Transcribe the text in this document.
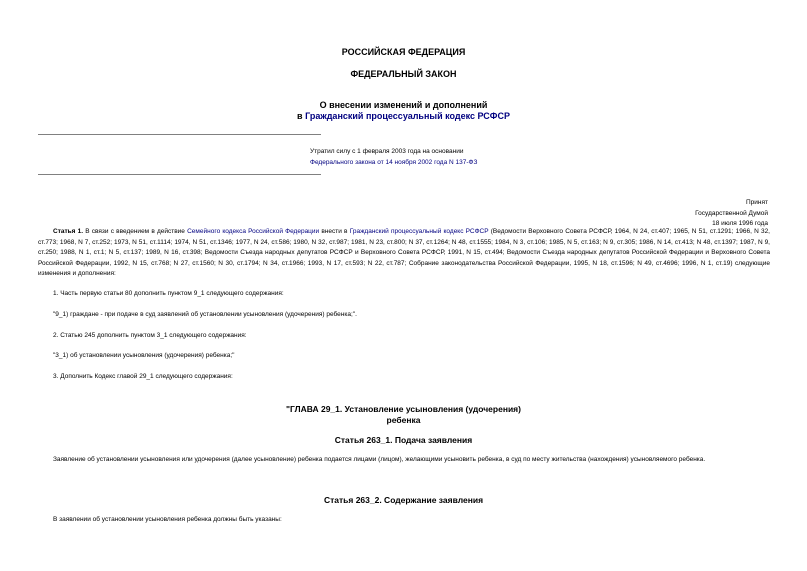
РОССИЙСКАЯ ФЕДЕРАЦИЯ
ФЕДЕРАЛЬНЫЙ ЗАКОН
О внесении изменений и дополнений
в Гражданский процессуальный кодекс РСФСР
Утратил силу с 1 февраля 2003 года на основании
Федерального закона от 14 ноября 2002 года N 137-ФЗ
Принят
Государственной Думой
18 июля 1996 года
Статья 1. В связи с введением в действие Семейного кодекса Российской Федерации внести в Гражданский процессуальный кодекс РСФСР (Ведомости Верховного Совета РСФСР, 1964, N 24, ст.407; 1965, N 51, ст.1291; 1966, N 32, ст.773; 1968, N 7, ст.252; 1973, N 51, ст.1114; 1974, N 51, ст.1346; 1977, N 24, ст.586; 1980, N 32, ст.987; 1981, N 23, ст.800; N 37, ст.1264; N 48, ст.1555; 1984, N 3, ст.106; 1985, N 5, ст.163; N 9, ст.305; 1986, N 14, ст.413; N 48, ст.1397; 1987, N 9, ст.250; 1988, N 1, ст.1; N 5, ст.137; 1989, N 16, ст.398; Ведомости Съезда народных депутатов РСФСР и Верховного Совета РСФСР, 1991, N 15, ст.494; Ведомости Съезда народных депутатов Российской Федерации и Верховного Совета Российской Федерации, 1992, N 15, ст.768; N 27, ст.1560; N 30, ст.1794; N 34, ст.1966; 1993, N 17, ст.593; N 22, ст.787; Собрание законодательства Российской Федерации, 1995, N 18, ст.1596; N 49, ст.4696; 1996, N 1, ст.19) следующие изменения и дополнения:
1. Часть первую статьи 80 дополнить пунктом 9_1 следующего содержания:
"9_1) граждане - при подаче в суд заявлений об установлении усыновления (удочерения) ребенка;".
2. Статью 245 дополнить пунктом 3_1 следующего содержания:
"3_1) об установлении усыновления (удочерения) ребенка;"
3. Дополнить Кодекс главой 29_1 следующего содержания:
"ГЛАВА 29_1. Установление усыновления (удочерения)
ребенка
Статья 263_1. Подача заявления
Заявление об установлении усыновления или удочерения (далее усыновление) ребенка подается лицами (лицом), желающими усыновить ребенка, в суд по месту жительства (нахождения) усыновляемого ребенка.
Статья 263_2. Содержание заявления
В заявлении об установлении усыновления ребенка должны быть указаны:
